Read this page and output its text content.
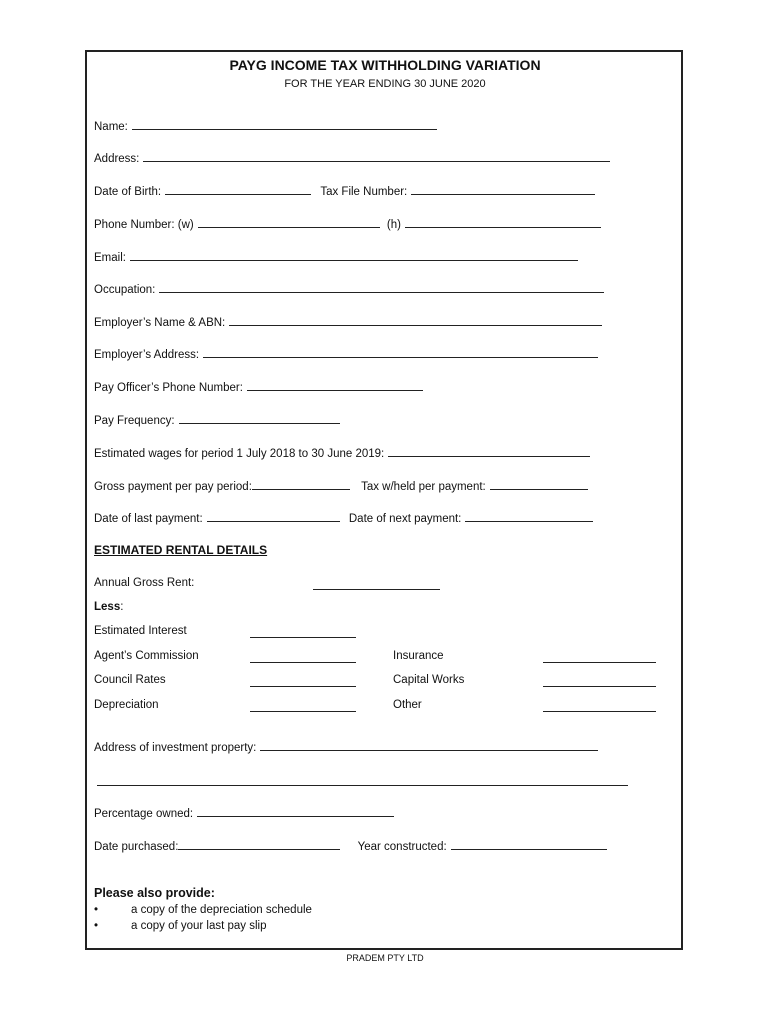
PAYG INCOME TAX WITHHOLDING VARIATION
FOR THE YEAR ENDING 30 JUNE 2020
Name:
Address:
Date of Birth:	Tax File Number:
Phone Number: (w)	(h)
Email:
Occupation:
Employer’s Name & ABN:
Employer’s Address:
Pay Officer’s Phone Number:
Pay Frequency:
Estimated wages for period 1 July 2018 to 30 June 2019:
Gross payment per pay period:	Tax w/held per payment:
Date of last payment:	Date of next payment:
ESTIMATED RENTAL DETAILS
Annual Gross Rent:
Less:
Estimated Interest
Agent’s Commission	Insurance
Council Rates	Capital Works
Depreciation	Other
Address of investment property:
Percentage owned:
Date purchased:	Year constructed:
Please also provide:
•	a copy of the depreciation schedule
•	a copy of your last pay slip
PRADEM PTY LTD
